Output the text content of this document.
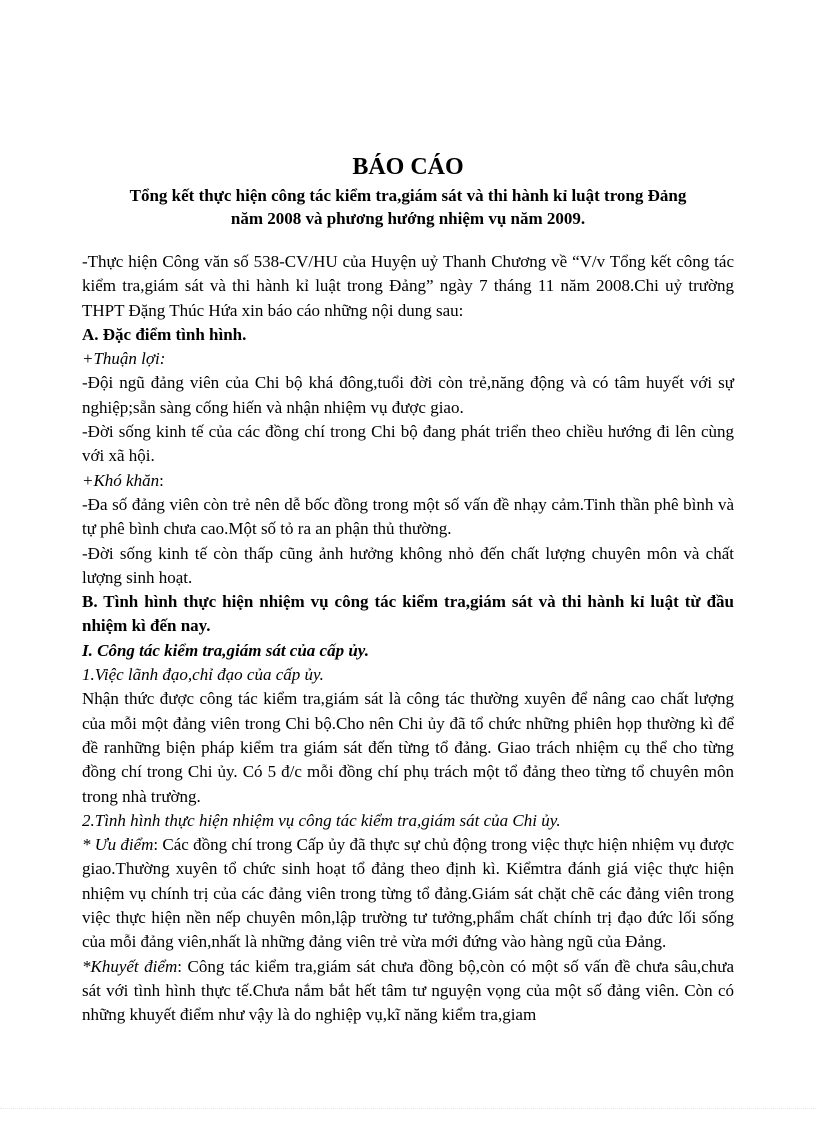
BÁO CÁO
Tổng kết thực hiện công tác kiểm tra,giám sát và thi hành kỉ luật trong Đảng
năm 2008 và phương hướng nhiệm vụ năm 2009.

-Thực hiện Công văn số 538-CV/HU của Huyện uỷ Thanh Chương về “V/v Tổng kết công tác kiểm tra,giám sát và thi hành kỉ luật trong Đảng” ngày 7 tháng 11 năm 2008.Chi uỷ trường THPT Đặng Thúc Hứa xin báo cáo những nội dung sau:

A. Đặc điểm tình hình.

+Thuận lợi:

-Đội ngũ đảng viên của Chi bộ khá đông,tuổi đời còn trẻ,năng động và có tâm huyết với sự nghiệp;sẵn sàng cống hiến và nhận nhiệm vụ được giao.

-Đời sống kinh tế của các đồng chí trong Chi bộ đang phát triển theo chiều hướng đi lên cùng với xã hội.

+Khó khăn:

-Đa số đảng viên còn trẻ nên dễ bốc đồng trong một số vấn đề nhạy cảm.Tinh thần phê bình và tự phê bình chưa cao.Một số tỏ ra an phận thủ thường.

-Đời sống kinh tế còn thấp cũng ảnh hưởng không nhỏ đến chất lượng chuyên môn và chất lượng sinh hoạt.

B. Tình hình thực hiện nhiệm vụ công tác kiểm tra,giám sát và thi hành kỉ luật từ đầu nhiệm kì đến nay.

I. Công tác kiểm tra,giám sát của cấp ủy.

1.Việc lãnh đạo,chỉ đạo của cấp ủy.

Nhận thức được công tác kiểm tra,giám sát là công tác thường xuyên để nâng cao chất lượng của mỗi một đảng viên trong Chi bộ.Cho nên Chi ủy đã tổ chức những phiên họp thường kì để đề ranhững biện pháp kiểm tra giám sát đến từng tổ đảng. Giao trách nhiệm cụ thể cho từng đồng chí trong Chi ủy. Có 5 đ/c mỗi đồng chí phụ trách một tổ đảng theo từng tổ chuyên môn trong nhà trường.

2.Tình hình thực hiện nhiệm vụ công tác kiểm tra,giám sát của Chi ủy.

* Ưu điểm: Các đồng chí trong Cấp ủy đã thực sự chủ động trong việc thực hiện nhiệm vụ được giao.Thường xuyên tổ chức sinh hoạt tổ đảng theo định kì. Kiểmtra đánh giá việc thực hiện nhiệm vụ chính trị của các đảng viên trong từng tổ đảng.Giám sát chặt chẽ các đảng viên trong việc thực hiện nền nếp chuyên môn,lập trường tư tưởng,phẩm chất chính trị đạo đức lối sống của mỗi đảng viên,nhất là những đảng viên trẻ vừa mới đứng vào hàng ngũ của Đảng.

*Khuyết điểm: Công tác kiểm tra,giám sát chưa đồng bộ,còn có một số vấn đề chưa sâu,chưa sát với tình hình thực tế.Chưa nắm bắt hết tâm tư nguyện vọng của một số đảng viên. Còn có những khuyết điểm như vậy là do nghiệp vụ,kĩ năng kiểm tra,giam
